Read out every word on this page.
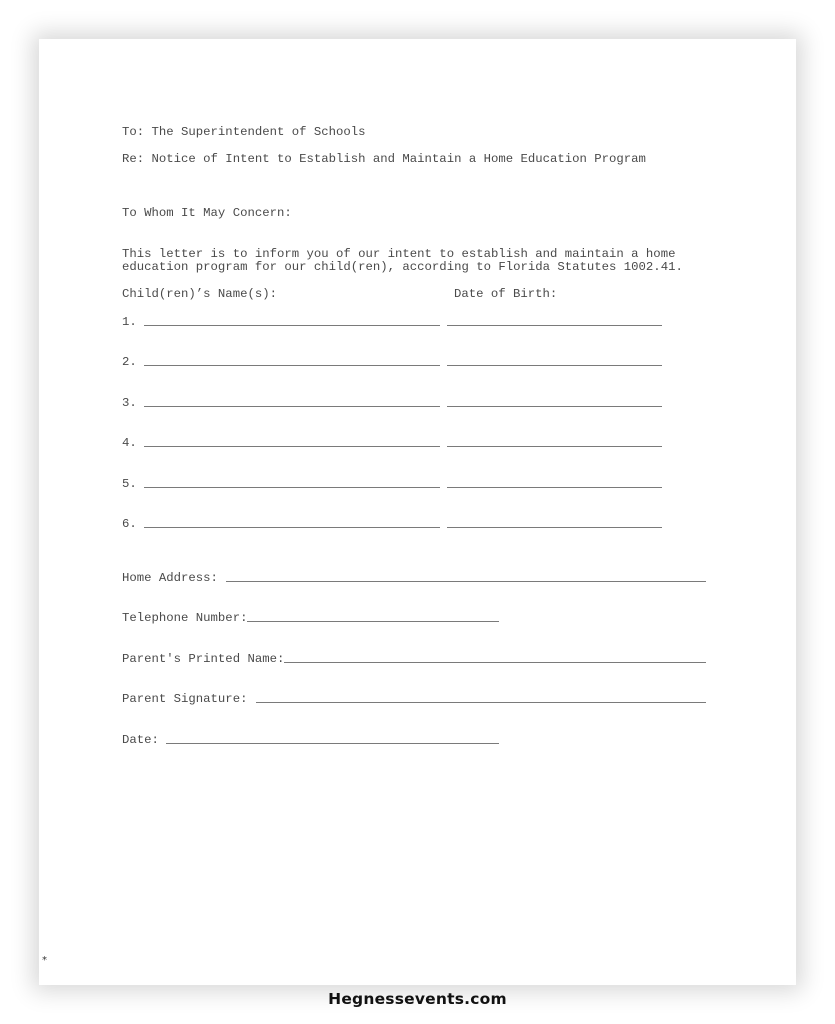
To: The Superintendent of Schools
Re: Notice of Intent to Establish and Maintain a Home Education Program
To Whom It May Concern:
This letter is to inform you of our intent to establish and maintain a home
education program for our child(ren), according to Florida Statutes 1002.41.
Child(ren)’s Name(s):	Date of Birth:
1.
2.
3.
4.
5.
6.
Home Address:
Telephone Number:
Parent's Printed Name:
Parent Signature:
Date:
*
Hegnessevents.com
